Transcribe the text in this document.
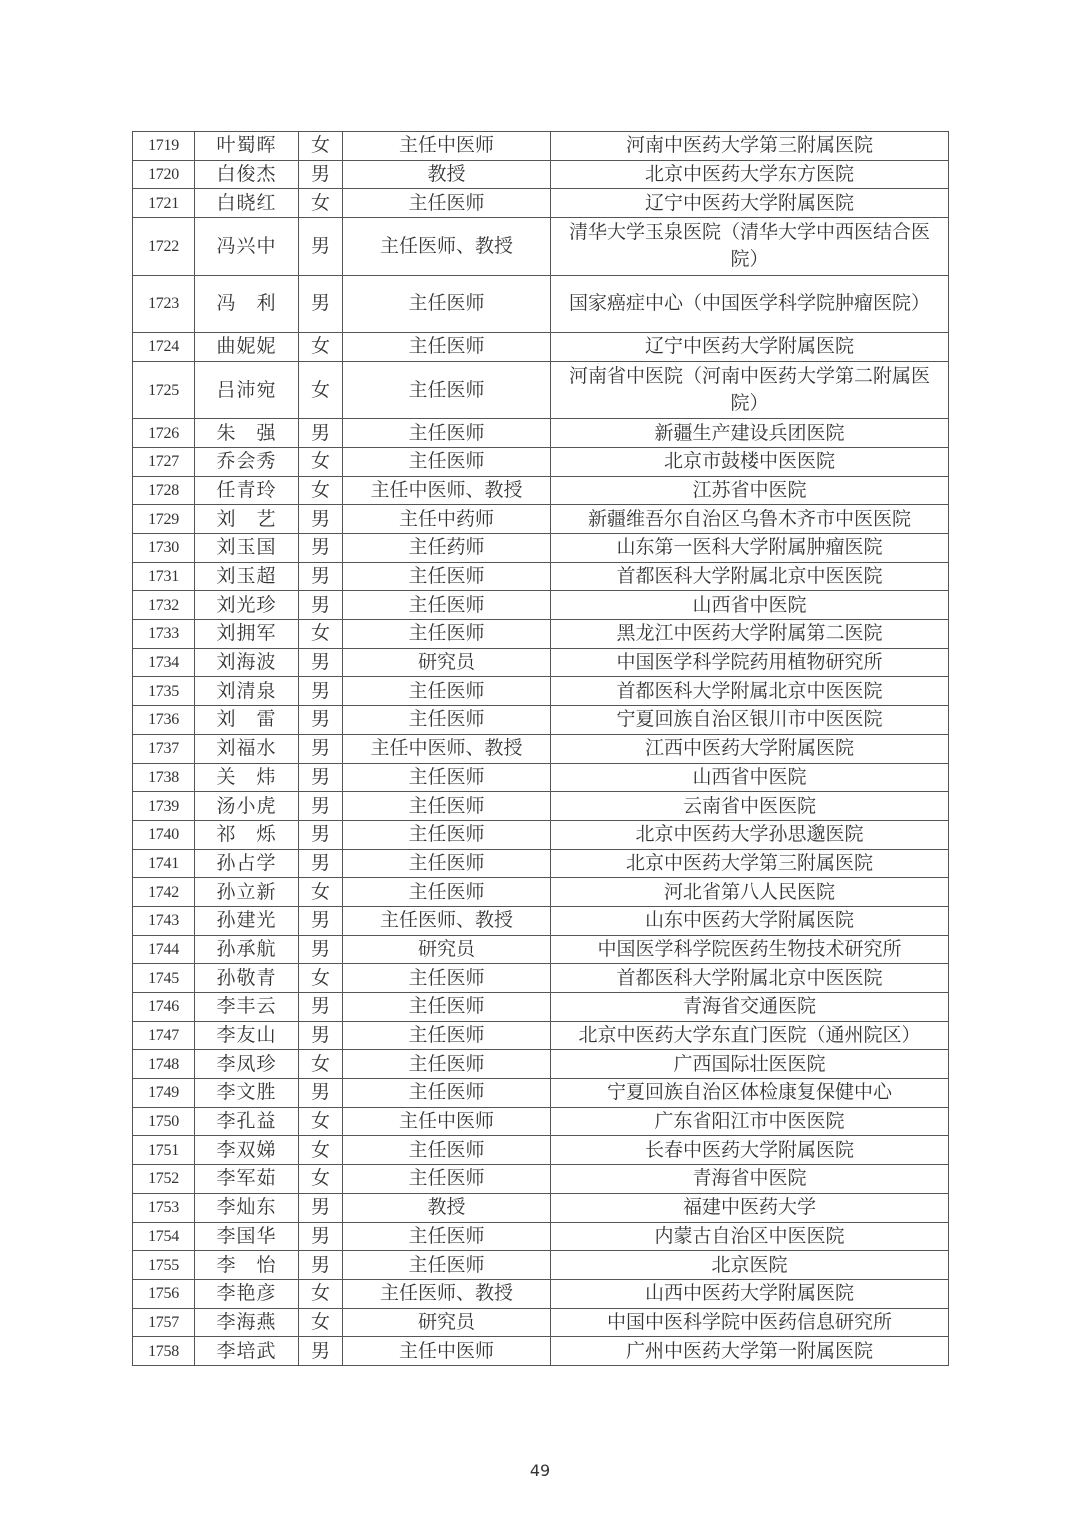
1719	叶蜀晖	女	主任中医师	河南中医药大学第三附属医院
1720	白俊杰	男	教授	北京中医药大学东方医院
1721	白晓红	女	主任医师	辽宁中医药大学附属医院
1722	冯兴中	男	主任医师、教授	清华大学玉泉医院（清华大学中西医结合医院）
1723	冯　利	男	主任医师	国家癌症中心（中国医学科学院肿瘤医院）
1724	曲妮妮	女	主任医师	辽宁中医药大学附属医院
1725	吕沛宛	女	主任医师	河南省中医院（河南中医药大学第二附属医院）
1726	朱　强	男	主任医师	新疆生产建设兵团医院
1727	乔会秀	女	主任医师	北京市鼓楼中医医院
1728	任青玲	女	主任中医师、教授	江苏省中医院
1729	刘　艺	男	主任中药师	新疆维吾尔自治区乌鲁木齐市中医医院
1730	刘玉国	男	主任药师	山东第一医科大学附属肿瘤医院
1731	刘玉超	男	主任医师	首都医科大学附属北京中医医院
1732	刘光珍	男	主任医师	山西省中医院
1733	刘拥军	女	主任医师	黑龙江中医药大学附属第二医院
1734	刘海波	男	研究员	中国医学科学院药用植物研究所
1735	刘清泉	男	主任医师	首都医科大学附属北京中医医院
1736	刘　雷	男	主任医师	宁夏回族自治区银川市中医医院
1737	刘福水	男	主任中医师、教授	江西中医药大学附属医院
1738	关　炜	男	主任医师	山西省中医院
1739	汤小虎	男	主任医师	云南省中医医院
1740	祁　烁	男	主任医师	北京中医药大学孙思邈医院
1741	孙占学	男	主任医师	北京中医药大学第三附属医院
1742	孙立新	女	主任医师	河北省第八人民医院
1743	孙建光	男	主任医师、教授	山东中医药大学附属医院
1744	孙承航	男	研究员	中国医学科学院医药生物技术研究所
1745	孙敬青	女	主任医师	首都医科大学附属北京中医医院
1746	李丰云	男	主任医师	青海省交通医院
1747	李友山	男	主任医师	北京中医药大学东直门医院（通州院区）
1748	李凤珍	女	主任医师	广西国际壮医医院
1749	李文胜	男	主任医师	宁夏回族自治区体检康复保健中心
1750	李孔益	女	主任中医师	广东省阳江市中医医院
1751	李双娣	女	主任医师	长春中医药大学附属医院
1752	李军茹	女	主任医师	青海省中医院
1753	李灿东	男	教授	福建中医药大学
1754	李国华	男	主任医师	内蒙古自治区中医医院
1755	李　怡	男	主任医师	北京医院
1756	李艳彦	女	主任医师、教授	山西中医药大学附属医院
1757	李海燕	女	研究员	中国中医科学院中医药信息研究所
1758	李培武	男	主任中医师	广州中医药大学第一附属医院
49
